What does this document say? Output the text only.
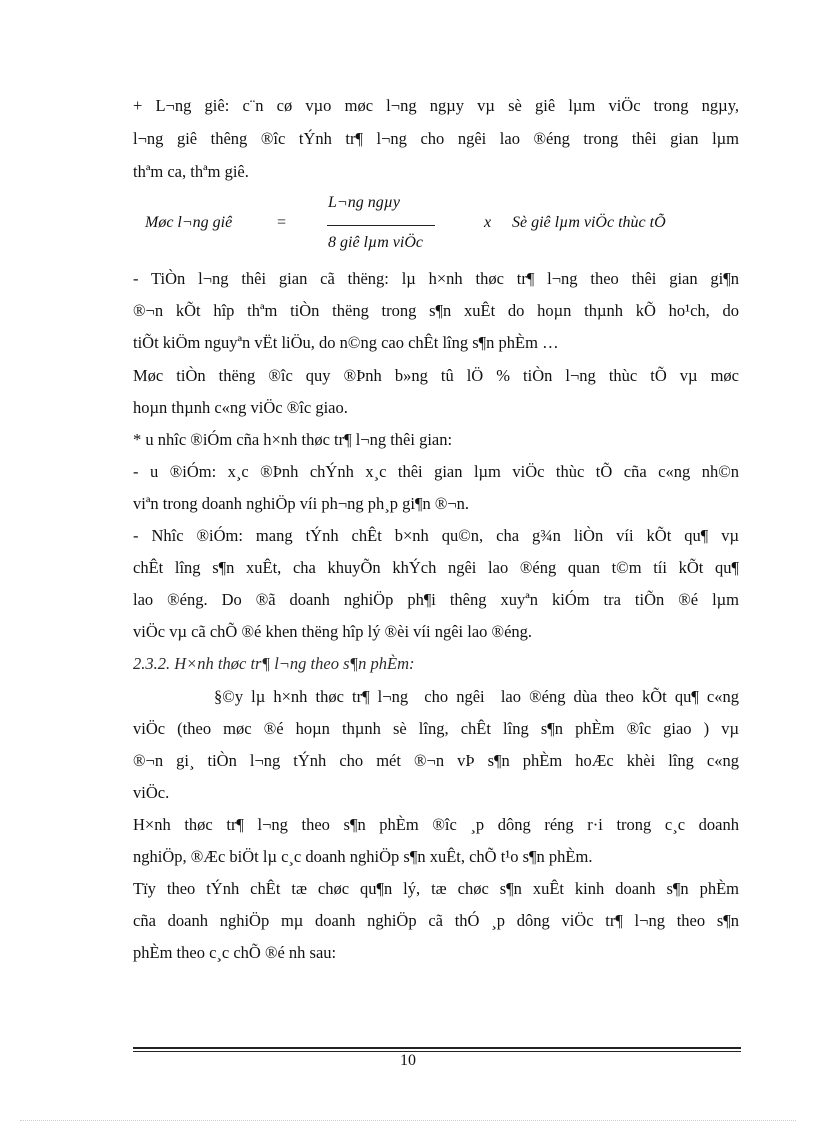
+ L¬ng giê: c¨n cø vµo møc l¬ng ngµy vµ sè giê lµm viÖc trong ngµy,
l¬ng giê thêng ®îc tÝnh tr¶ l¬ng cho ngêi lao ®éng trong thêi gian lµm
thªm ca, thªm giê.
Møc l¬ng giê	=
L¬ng ngµy
8 giê lµm viÖc
x Sè giê lµm viÖc thùc tÕ
- TiÒn l¬ng thêi gian cã thëng: lµ h×nh thøc tr¶ l¬ng theo thêi gian gi¶n
®¬n kÕt hîp thªm tiÒn thëng trong s¶n xuÊt do hoµn thµnh kÕ ho¹ch, do
tiÕt kiÖm nguyªn vËt liÖu, do n©ng cao chÊt lîng s¶n phÈm …
Møc tiÒn thëng ®îc quy ®Þnh b»ng tû lÖ % tiÒn l¬ng thùc tÕ vµ møc
hoµn thµnh c«ng viÖc ®îc giao.
* u nhîc ®iÓm cña h×nh thøc tr¶ l¬ng thêi gian:
- u ®iÓm: x¸c ®Þnh chÝnh x¸c thêi gian lµm viÖc thùc tÕ cña c«ng nh©n
viªn trong doanh nghiÖp víi ph¬ng ph¸p gi¶n ®¬n.
- Nhîc ®iÓm: mang tÝnh chÊt b×nh qu©n, cha g¾n liÒn víi kÕt qu¶ vµ
chÊt lîng s¶n xuÊt, cha khuyÕn khÝch ngêi lao ®éng quan t©m tíi kÕt qu¶
lao ®éng. Do ®ã doanh nghiÖp ph¶i thêng xuyªn kiÓm tra tiÕn ®é lµm
viÖc vµ cã chÕ ®é khen thëng hîp lý ®èi víi ngêi lao ®éng.
2.3.2. H×nh thøc tr¶ l¬ng theo s¶n phÈm:
§©y lµ h×nh thøc tr¶ l¬ng  cho ngêi  lao ®éng dùa theo kÕt qu¶ c«ng
viÖc (theo møc ®é hoµn thµnh sè lîng, chÊt lîng s¶n phÈm ®îc giao ) vµ
®¬n gi¸ tiÒn l¬ng tÝnh cho mét ®¬n vÞ s¶n phÈm hoÆc khèi lîng c«ng
viÖc.
H×nh thøc tr¶ l¬ng theo s¶n phÈm ®îc ¸p dông réng r·i trong c¸c doanh
nghiÖp, ®Æc biÖt lµ c¸c doanh nghiÖp s¶n xuÊt, chÕ t¹o s¶n phÈm.
Tïy theo tÝnh chÊt tæ chøc qu¶n lý, tæ chøc s¶n xuÊt kinh doanh s¶n phÈm
cña doanh nghiÖp mµ doanh nghiÖp cã thÓ ¸p dông viÖc tr¶ l¬ng theo s¶n
phÈm theo c¸c chÕ ®é nh sau:
10
